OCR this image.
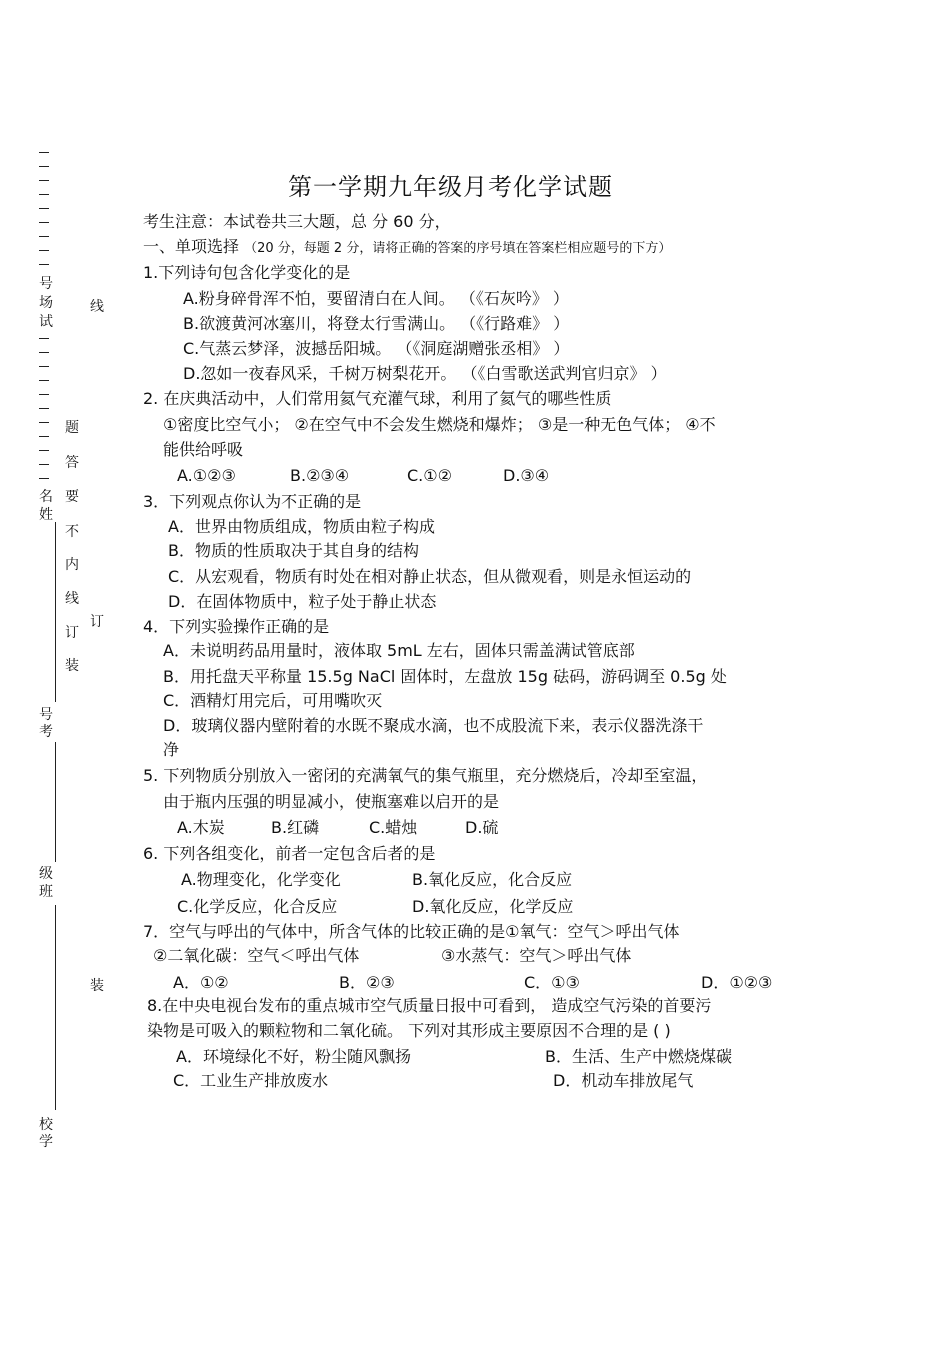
号
场
试
名
姓
号
考
级
班
校
学
题
答
要
不
内
线
订
装
线
订
装
第一学期九年级月考化学试题
考生注意：本试卷共三大题，总 分 60 分，
一、单项选择 （20 分，每题 2 分，请将正确的答案的序号填在答案栏相应题号的下方）
1.下列诗句包含化学变化的是
A.粉身碎骨浑不怕，要留清白在人间。 （《石灰吟》 ）
B.欲渡黄河冰塞川，将登太行雪满山。 （《行路难》 ）
C.气蒸云梦泽，波撼岳阳城。 （《洞庭湖赠张丞相》 ）
D.忽如一夜春风采，千树万树梨花开。 （《白雪歌送武判官归京》 ）
2. 在庆典活动中，人们常用氦气充灌气球，利用了氦气的哪些性质
①密度比空气小； ②在空气中不会发生燃烧和爆炸； ③是一种无色气体； ④不
能供给呼吸
A.①②③	B.②③④	C.①②	D.③④
3．下列观点你认为不正确的是
A．世界由物质组成，物质由粒子构成
B．物质的性质取决于其自身的结构
C．从宏观看，物质有时处在相对静止状态，但从微观看，则是永恒运动的
D．在固体物质中，粒子处于静止状态
4．下列实验操作正确的是
A．未说明药品用量时，液体取 5mL 左右，固体只需盖满试管底部
B．用托盘天平称量 15.5g NaCl 固体时，左盘放 15g 砝码，游码调至 0.5g 处
C．酒精灯用完后，可用嘴吹灭
D．玻璃仪器内壁附着的水既不聚成水滴，也不成股流下来，表示仪器洗涤干
净
5. 下列物质分别放入一密闭的充满氧气的集气瓶里，充分燃烧后，冷却至室温，
由于瓶内压强的明显减小，使瓶塞难以启开的是
A.木炭	B.红磷	C.蜡烛	D.硫
6. 下列各组变化，前者一定包含后者的是
A.物理变化，化学变化	B.氧化反应，化合反应
C.化学反应，化合反应	D.氧化反应，化学反应
7．空气与呼出的气体中，所含气体的比较正确的是①氧气：空气＞呼出气体
②二氧化碳：空气＜呼出气体	③水蒸气：空气＞呼出气体
A．①②	B．②③	C．①③	D．①②③
8.在中央电视台发布的重点城市空气质量日报中可看到， 造成空气污染的首要污
染物是可吸入的颗粒物和二氧化硫。 下列对其形成主要原因不合理的是 ( )
A．环境绿化不好，粉尘随风飘扬	B．生活、生产中燃烧煤碳
C．工业生产排放废水	D．机动车排放尾气
